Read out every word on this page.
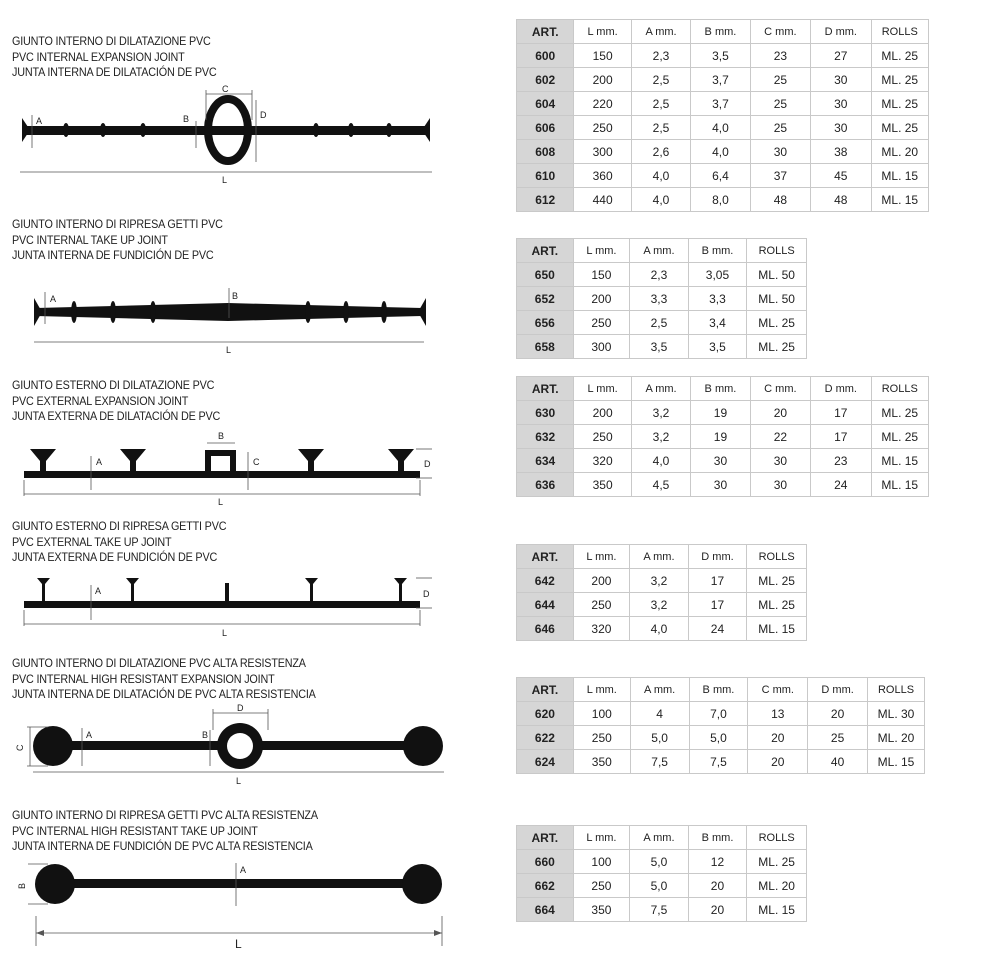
GIUNTO INTERNO DI DILATAZIONE PVC
PVC INTERNAL EXPANSION JOINT
JUNTA INTERNA DE DILATACIÓN DE PVC
A	B
C
D
L
ART.	L mm.	A mm.	B mm.	C mm.	D mm.	ROLLS
600	150	2,3	3,5	23	27	ML. 25
602	200	2,5	3,7	25	30	ML. 25
604	220	2,5	3,7	25	30	ML. 25
606	250	2,5	4,0	25	30	ML. 25
608	300	2,6	4,0	30	38	ML. 20
610	360	4,0	6,4	37	45	ML. 15
612	440	4,0	8,0	48	48	ML. 15
GIUNTO INTERNO DI RIPRESA GETTI PVC
PVC INTERNAL TAKE UP JOINT
JUNTA INTERNA DE FUNDICIÓN DE PVC
A	B
L
ART.	L mm.	A mm.	B mm.	ROLLS
650	150	2,3	3,05	ML. 50
652	200	3,3	3,3	ML. 50
656	250	2,5	3,4	ML. 25
658	300	3,5	3,5	ML. 25
GIUNTO ESTERNO DI DILATAZIONE PVC
PVC EXTERNAL EXPANSION JOINT
JUNTA EXTERNA DE DILATACIÓN DE PVC
A
B
C	D
L
ART.	L mm.	A mm.	B mm.	C mm.	D mm.	ROLLS
630	200	3,2	19	20	17	ML. 25
632	250	3,2	19	22	17	ML. 25
634	320	4,0	30	30	23	ML. 15
636	350	4,5	30	30	24	ML. 15
GIUNTO ESTERNO DI RIPRESA GETTI PVC
PVC EXTERNAL TAKE UP JOINT
JUNTA EXTERNA DE FUNDICIÓN DE PVC
A	D
L
ART.	L mm.	A mm.	D mm.	ROLLS
642	200	3,2	17	ML. 25
644	250	3,2	17	ML. 25
646	320	4,0	24	ML. 15
GIUNTO INTERNO DI DILATAZIONE PVC ALTA RESISTENZA
PVC INTERNAL HIGH RESISTANT EXPANSION JOINT
JUNTA INTERNA DE DILATACIÓN DE PVC ALTA RESISTENCIA
A	B
C
D
L
ART.	L mm.	A mm.	B mm.	C mm.	D mm.	ROLLS
620	100	4	7,0	13	20	ML. 30
622	250	5,0	5,0	20	25	ML. 20
624	350	7,5	7,5	20	40	ML. 15
GIUNTO INTERNO DI RIPRESA GETTI PVC ALTA RESISTENZA
PVC INTERNAL HIGH RESISTANT TAKE UP JOINT
JUNTA INTERNA DE FUNDICIÓN DE PVC ALTA RESISTENCIA
A
B
L
ART.	L mm.	A mm.	B mm.	ROLLS
660	100	5,0	12	ML. 25
662	250	5,0	20	ML. 20
664	350	7,5	20	ML. 15
